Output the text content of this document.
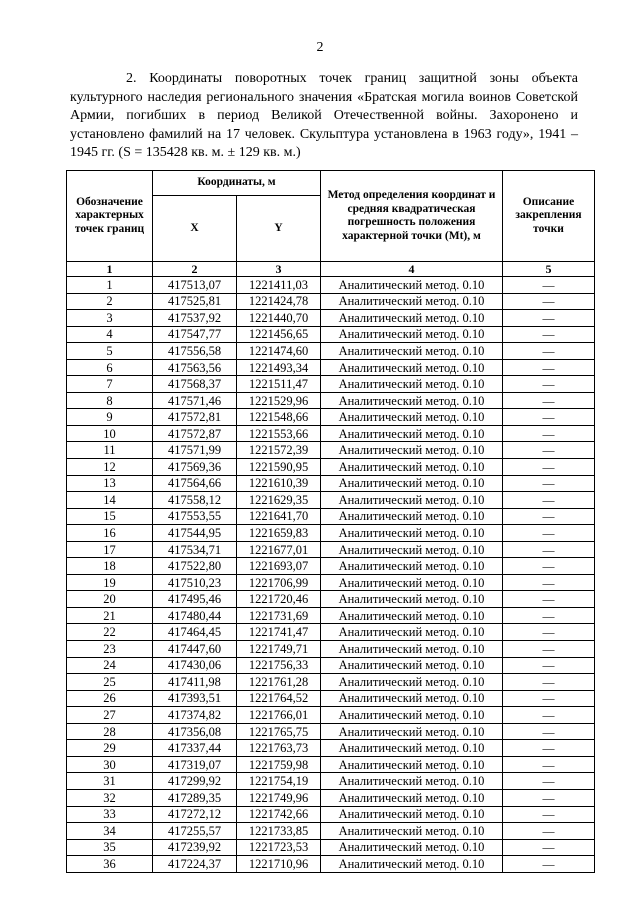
2

2. Координаты поворотных точек границ защитной зоны объекта культурного наследия регионального значения «Братская могила воинов Советской Армии, погибших в период Великой Отечественной войны. Захоронено и установлено фамилий на 17 человек. Скульптура установлена в 1963 году», 1941 – 1945 гг. (S = 135428 кв. м. ± 129 кв. м.)

Обозначение характерных точек границ	Координаты, м		Метод определения координат и средняя квадратическая погрешность положения характерной точки (Mt), м	Описание закрепления точки
	X	Y		
1	2	3	4	5
1	417513,07	1221411,03	Аналитический метод. 0.10	—
2	417525,81	1221424,78	Аналитический метод. 0.10	—
3	417537,92	1221440,70	Аналитический метод. 0.10	—
4	417547,77	1221456,65	Аналитический метод. 0.10	—
5	417556,58	1221474,60	Аналитический метод. 0.10	—
6	417563,56	1221493,34	Аналитический метод. 0.10	—
7	417568,37	1221511,47	Аналитический метод. 0.10	—
8	417571,46	1221529,96	Аналитический метод. 0.10	—
9	417572,81	1221548,66	Аналитический метод. 0.10	—
10	417572,87	1221553,66	Аналитический метод. 0.10	—
11	417571,99	1221572,39	Аналитический метод. 0.10	—
12	417569,36	1221590,95	Аналитический метод. 0.10	—
13	417564,66	1221610,39	Аналитический метод. 0.10	—
14	417558,12	1221629,35	Аналитический метод. 0.10	—
15	417553,55	1221641,70	Аналитический метод. 0.10	—
16	417544,95	1221659,83	Аналитический метод. 0.10	—
17	417534,71	1221677,01	Аналитический метод. 0.10	—
18	417522,80	1221693,07	Аналитический метод. 0.10	—
19	417510,23	1221706,99	Аналитический метод. 0.10	—
20	417495,46	1221720,46	Аналитический метод. 0.10	—
21	417480,44	1221731,69	Аналитический метод. 0.10	—
22	417464,45	1221741,47	Аналитический метод. 0.10	—
23	417447,60	1221749,71	Аналитический метод. 0.10	—
24	417430,06	1221756,33	Аналитический метод. 0.10	—
25	417411,98	1221761,28	Аналитический метод. 0.10	—
26	417393,51	1221764,52	Аналитический метод. 0.10	—
27	417374,82	1221766,01	Аналитический метод. 0.10	—
28	417356,08	1221765,75	Аналитический метод. 0.10	—
29	417337,44	1221763,73	Аналитический метод. 0.10	—
30	417319,07	1221759,98	Аналитический метод. 0.10	—
31	417299,92	1221754,19	Аналитический метод. 0.10	—
32	417289,35	1221749,96	Аналитический метод. 0.10	—
33	417272,12	1221742,66	Аналитический метод. 0.10	—
34	417255,57	1221733,85	Аналитический метод. 0.10	—
35	417239,92	1221723,53	Аналитический метод. 0.10	—
36	417224,37	1221710,96	Аналитический метод. 0.10	—
